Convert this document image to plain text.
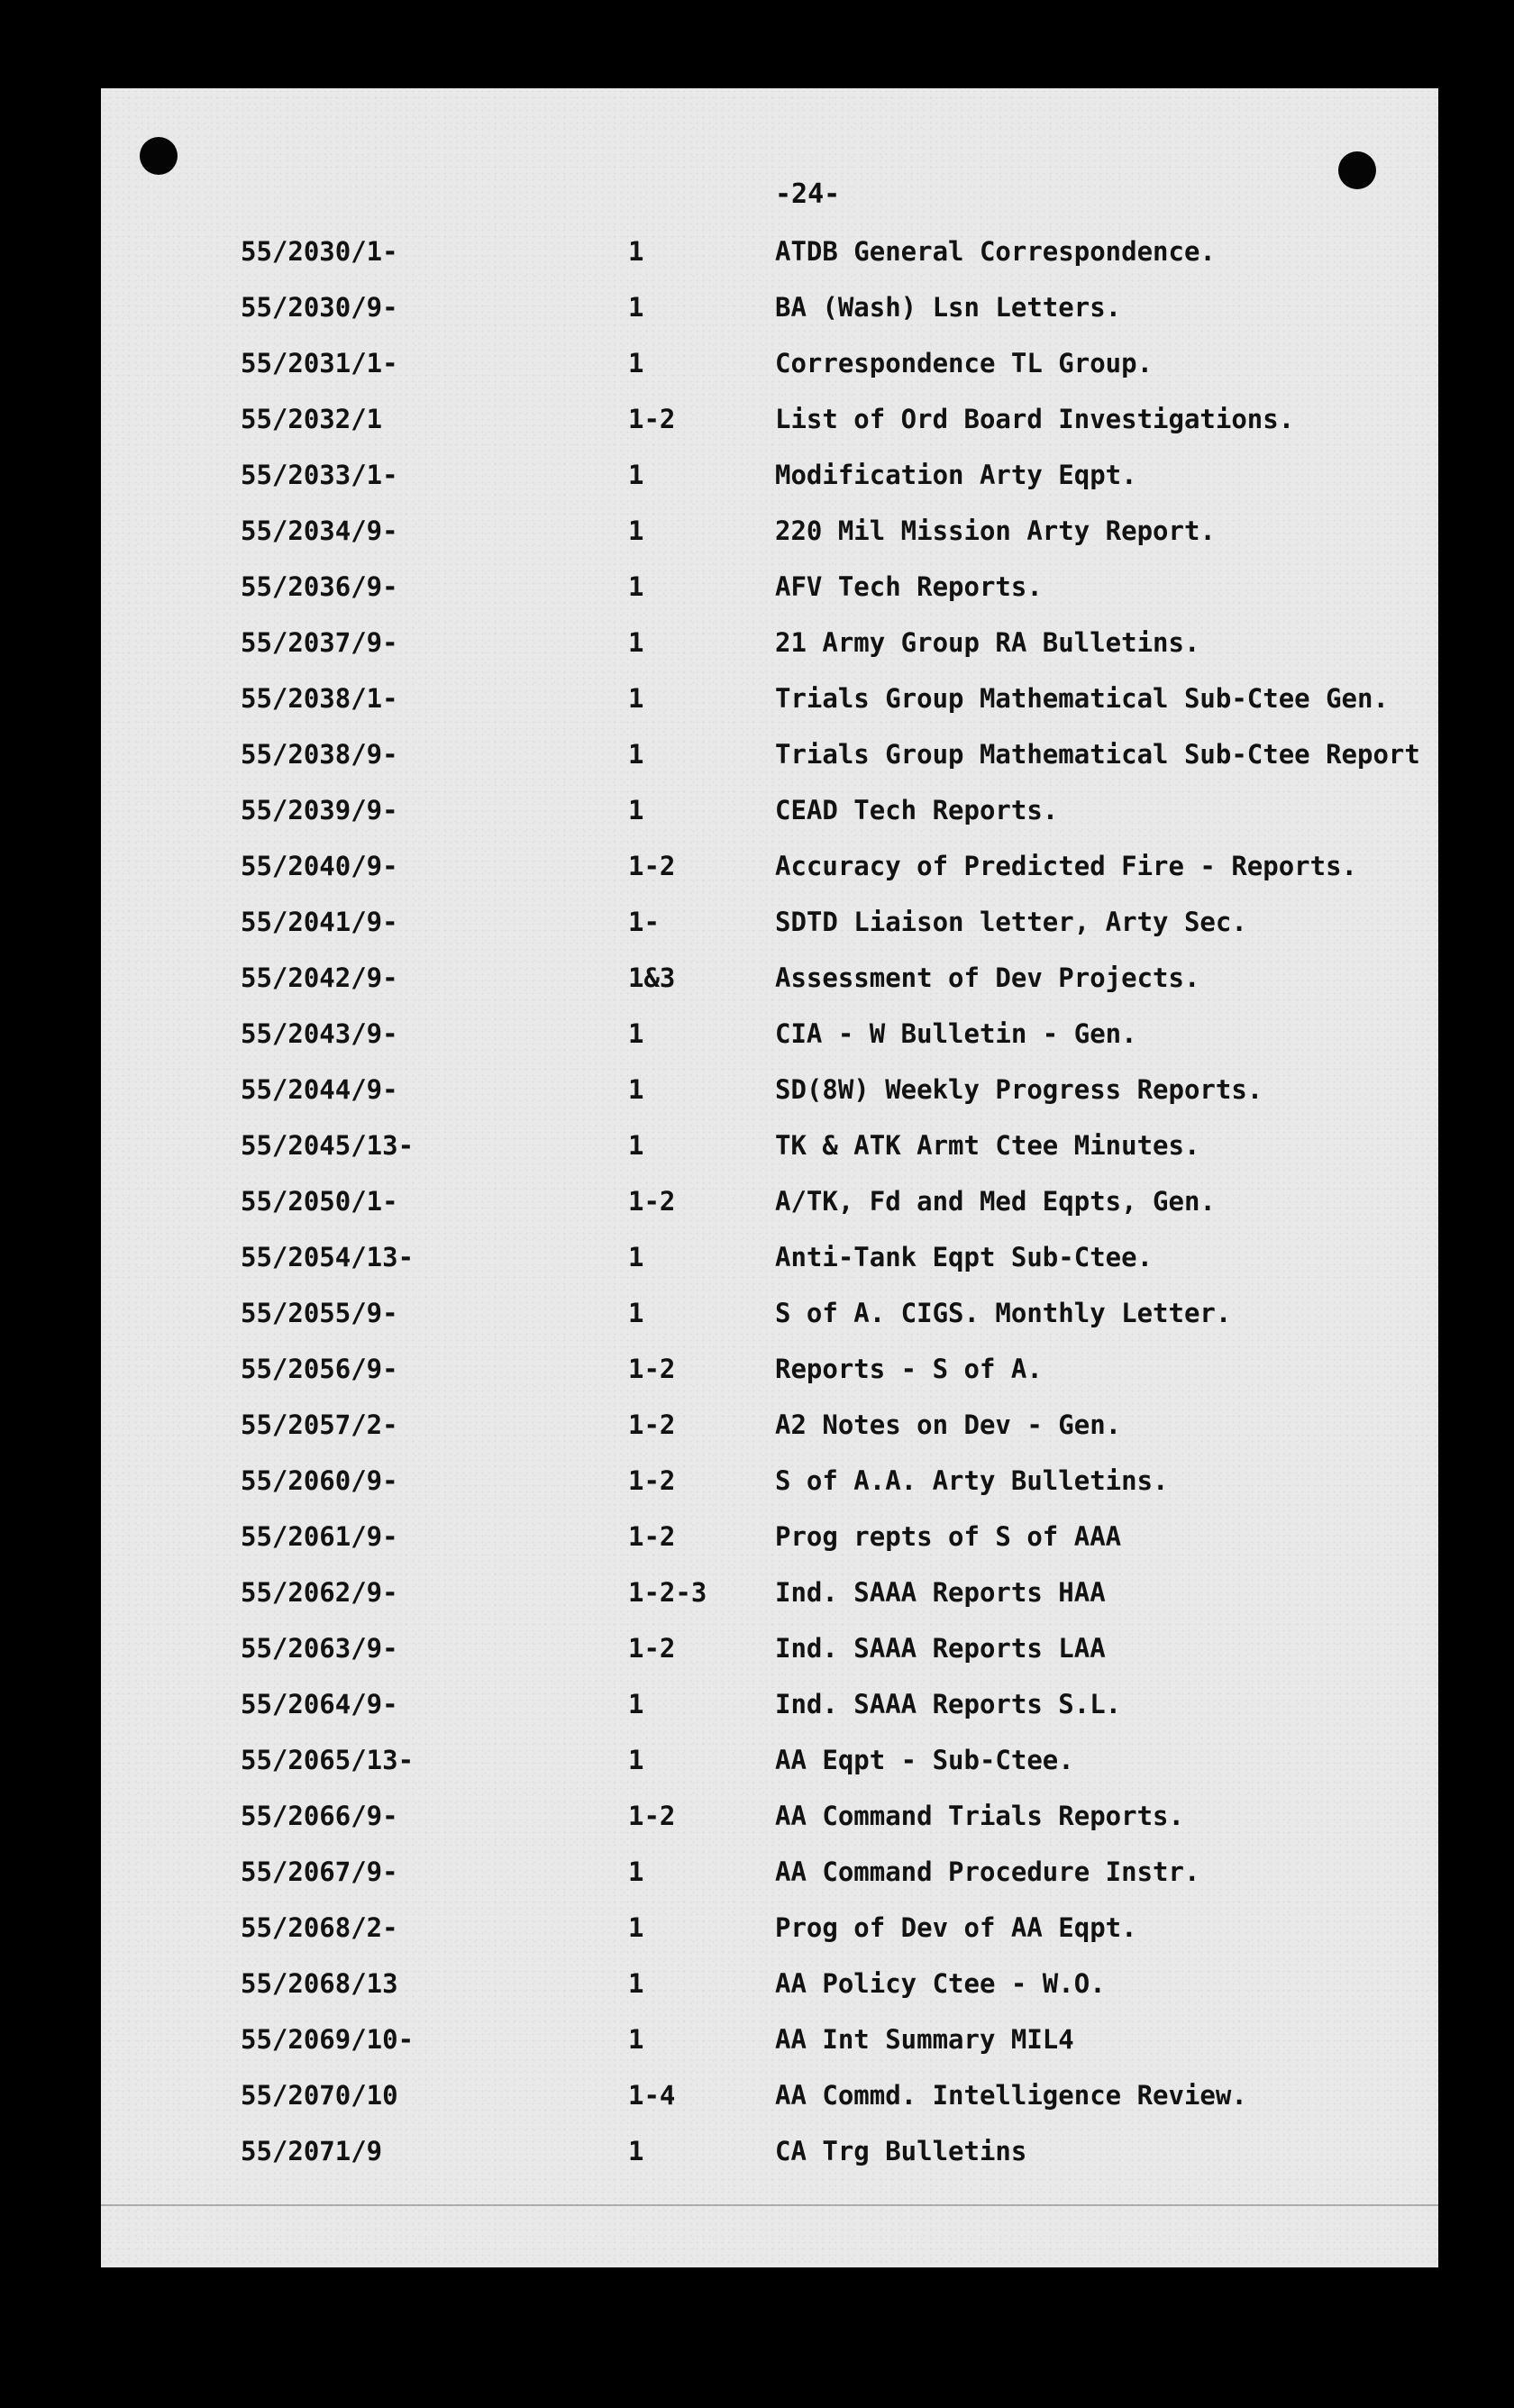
-24-
55/2030/1-	1	ATDB General Correspondence.
55/2030/9-	1	BA (Wash) Lsn Letters.
55/2031/1-	1	Correspondence TL Group.
55/2032/1	1-2	List of Ord Board Investigations.
55/2033/1-	1	Modification Arty Eqpt.
55/2034/9-	1	220 Mil Mission Arty Report.
55/2036/9-	1	AFV Tech Reports.
55/2037/9-	1	21 Army Group RA Bulletins.
55/2038/1-	1	Trials Group Mathematical Sub-Ctee Gen.
55/2038/9-	1	Trials Group Mathematical Sub-Ctee Report
55/2039/9-	1	CEAD Tech Reports.
55/2040/9-	1-2	Accuracy of Predicted Fire - Reports.
55/2041/9-	1-	SDTD Liaison letter, Arty Sec.
55/2042/9-	1&3	Assessment of Dev Projects.
55/2043/9-	1	CIA - W Bulletin - Gen.
55/2044/9-	1	SD(8W) Weekly Progress Reports.
55/2045/13-	1	TK & ATK Armt Ctee Minutes.
55/2050/1-	1-2	A/TK, Fd and Med Eqpts, Gen.
55/2054/13-	1	Anti-Tank Eqpt Sub-Ctee.
55/2055/9-	1	S of A. CIGS. Monthly Letter.
55/2056/9-	1-2	Reports - S of A.
55/2057/2-	1-2	A2 Notes on Dev - Gen.
55/2060/9-	1-2	S of A.A. Arty Bulletins.
55/2061/9-	1-2	Prog repts of S of AAA
55/2062/9-	1-2-3	Ind. SAAA Reports HAA
55/2063/9-	1-2	Ind. SAAA Reports LAA
55/2064/9-	1	Ind. SAAA Reports S.L.
55/2065/13-	1	AA Eqpt - Sub-Ctee.
55/2066/9-	1-2	AA Command Trials Reports.
55/2067/9-	1	AA Command Procedure Instr.
55/2068/2-	1	Prog of Dev of AA Eqpt.
55/2068/13	1	AA Policy Ctee - W.O.
55/2069/10-	1	AA Int Summary MIL4
55/2070/10	1-4	AA Commd. Intelligence Review.
55/2071/9	1	CA Trg Bulletins
